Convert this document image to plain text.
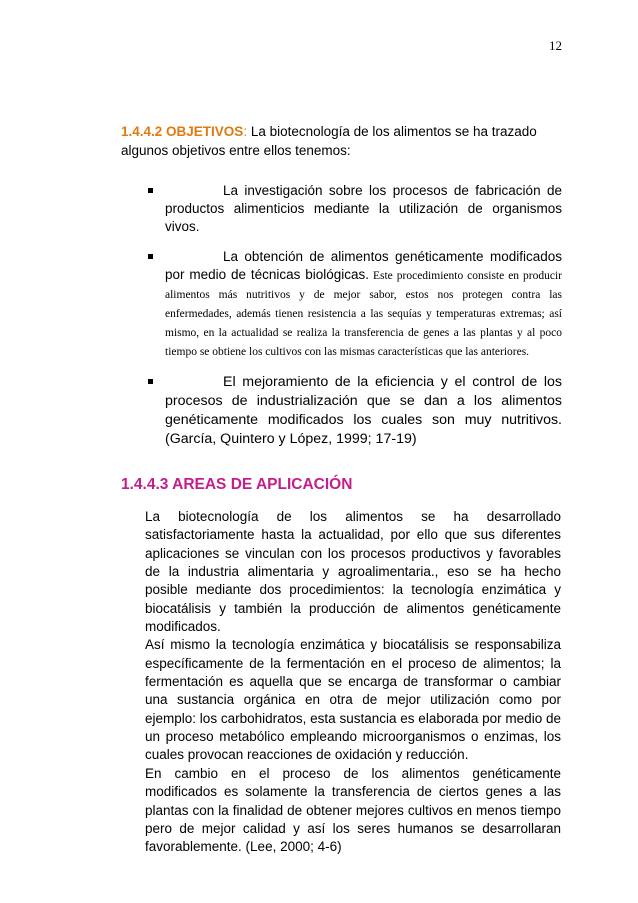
12
1.4.4.2 OBJETIVOS: La biotecnología de los alimentos se ha trazado algunos objetivos entre ellos tenemos:
La investigación sobre los procesos de fabricación de productos alimenticios mediante la utilización de organismos vivos.
La obtención de alimentos genéticamente modificados por medio de técnicas biológicas. Este procedimiento consiste en producir alimentos más nutritivos y de mejor sabor, estos nos protegen contra las enfermedades, además tienen resistencia a las sequías y temperaturas extremas; así mismo, en la actualidad se realiza la transferencia de genes a las plantas y al poco tiempo se obtiene los cultivos con las mismas características que las anteriores.
El mejoramiento de la eficiencia y el control de los procesos de industrialización que se dan a los alimentos genéticamente modificados los cuales son muy nutritivos. (García, Quintero y López, 1999; 17-19)
1.4.4.3 AREAS DE APLICACIÓN

La biotecnología de los alimentos se ha desarrollado satisfactoriamente hasta la actualidad, por ello que sus diferentes aplicaciones se vinculan con los procesos productivos y favorables de la industria alimentaria y agroalimentaria., eso se ha hecho posible mediante dos procedimientos: la tecnología enzimática y biocatálisis y también la producción de alimentos genéticamente modificados.

Así mismo la tecnología enzimática y biocatálisis se responsabiliza específicamente de la fermentación en el proceso de alimentos; la fermentación es aquella que se encarga de transformar o cambiar una sustancia orgánica en otra de mejor utilización como por ejemplo: los carbohidratos, esta sustancia es elaborada por medio de un proceso metabólico empleando microorganismos o enzimas, los cuales provocan reacciones de oxidación y reducción.

En cambio en el proceso de los alimentos genéticamente modificados es solamente la transferencia de ciertos genes a las plantas con la finalidad de obtener mejores cultivos en menos tiempo pero de mejor calidad y así los seres humanos se desarrollaran favorablemente. (Lee, 2000; 4-6)
